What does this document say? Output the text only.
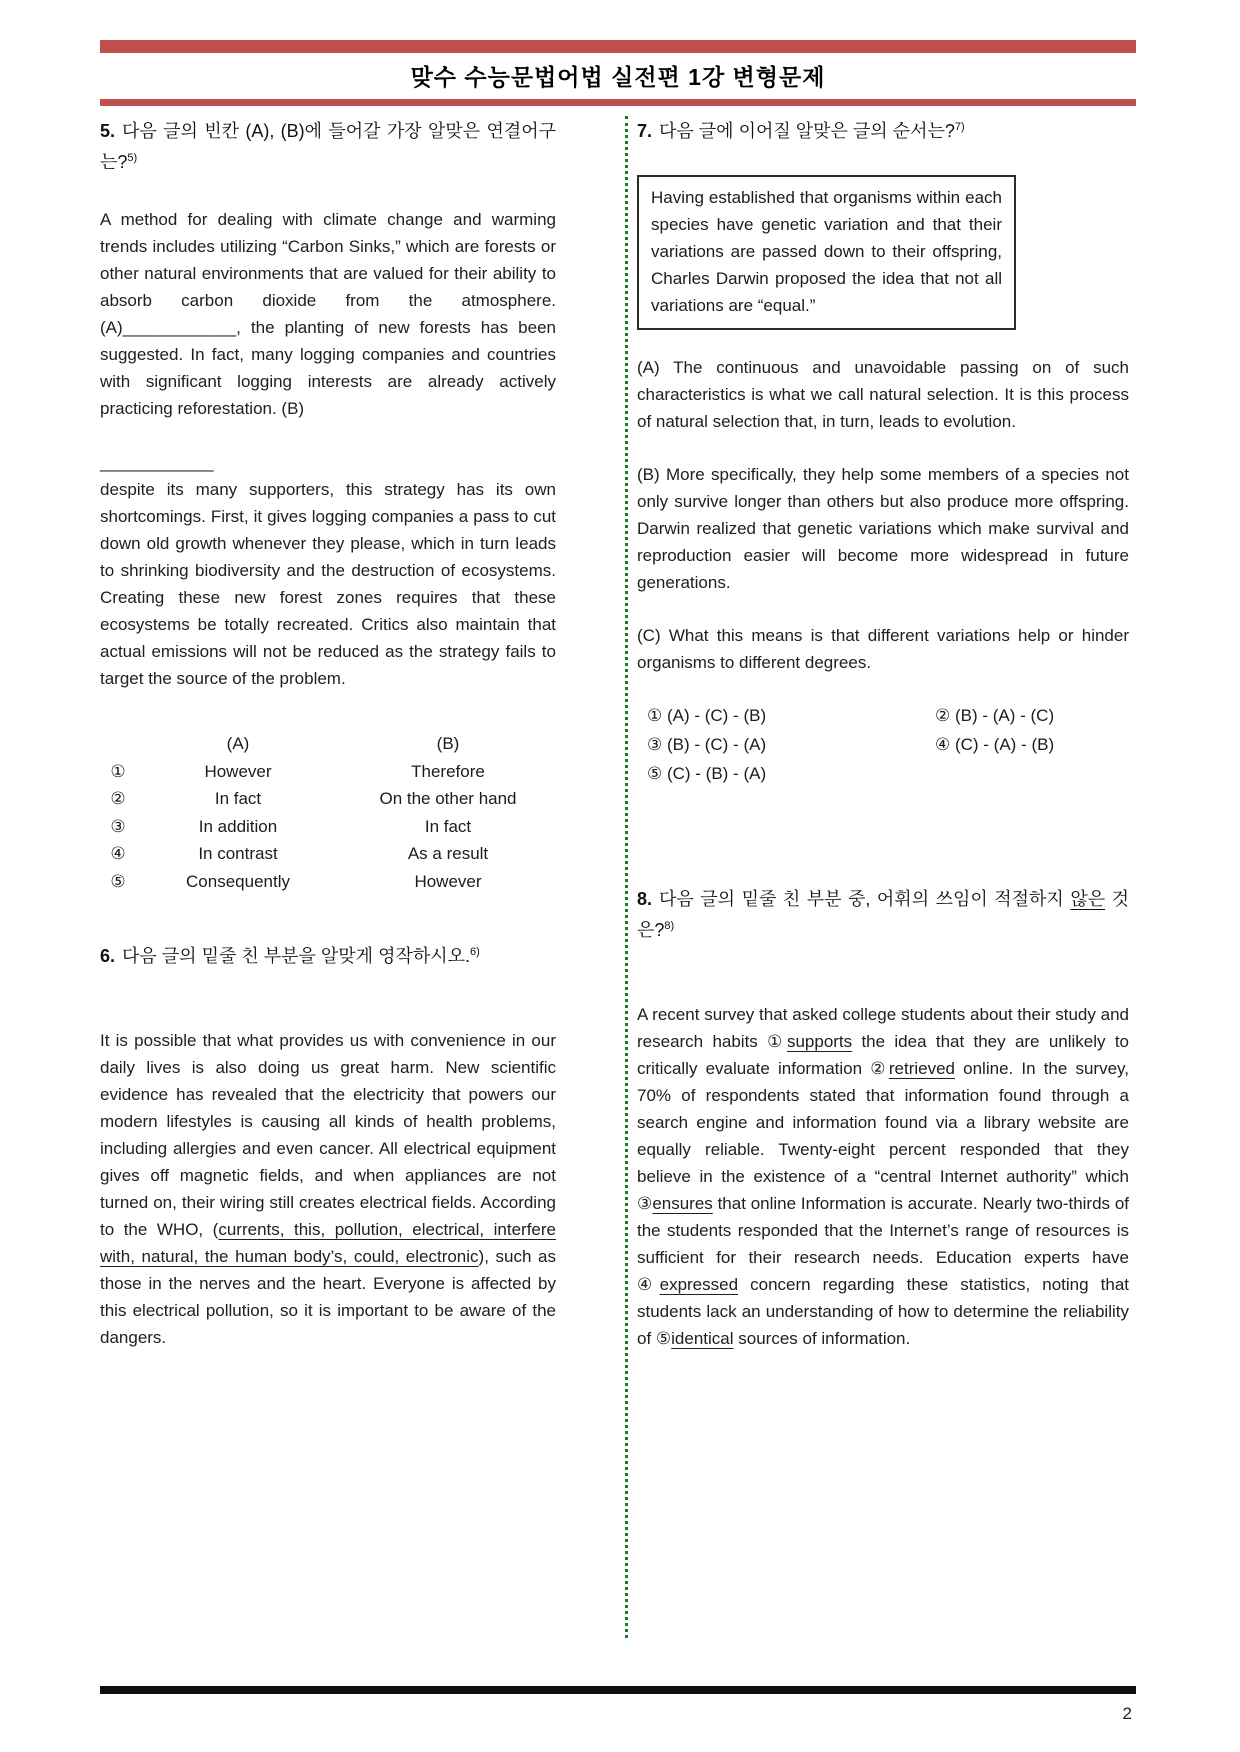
맞수 수능문법어법 실전편 1강 변형문제
5. 다음 글의 빈칸 (A), (B)에 들어갈 가장 알맞은 연결어구는?$^{5)}$

A method for dealing with climate change and warming trends includes utilizing “Carbon Sinks,” which are forests or other natural environments that are valued for their ability to absorb carbon dioxide from the atmosphere. (A)____________, the planting of new forests has been suggested. In fact, many logging companies and countries with significant logging interests are already actively practicing reforestation. (B)

____________

despite its many supporters, this strategy has its own shortcomings. First, it gives logging companies a pass to cut down old growth whenever they please, which in turn leads to shrinking biodiversity and the destruction of ecosystems. Creating these new forest zones requires that these ecosystems be totally recreated. Critics also maintain that actual emissions will not be reduced as the strategy fails to target the source of the problem.

(A)	(B)
①	However	Therefore
②	In fact	On the other hand
③	In addition	In fact
④	In contrast	As a result
⑤	Consequently	However
6. 다음 글의 밑줄 친 부분을 알맞게 영작하시오.$^{6)}$

It is possible that what provides us with convenience in our daily lives is also doing us great harm. New scientific evidence has revealed that the electricity that powers our modern lifestyles is causing all kinds of health problems, including allergies and even cancer. All electrical equipment gives off magnetic fields, and when appliances are not turned on, their wiring still creates electrical fields. According to the WHO, (currents, this, pollution, electrical, interfere with, natural, the human body’s, could, electronic), such as those in the nerves and the heart. Everyone is affected by this electrical pollution, so it is important to be aware of the dangers.

7. 다음 글에 이어질 알맞은 글의 순서는?$^{7)}$
Having established that organisms within each species have genetic variation and that their variations are passed down to their offspring, Charles Darwin proposed the idea that not all variations are “equal.”

(A) The continuous and unavoidable passing on of such characteristics is what we call natural selection. It is this process of natural selection that, in turn, leads to evolution.

(B) More specifically, they help some members of a species not only survive longer than others but also produce more offspring. Darwin realized that genetic variations which make survival and reproduction easier will become more widespread in future generations.

(C) What this means is that different variations help or hinder organisms to different degrees.

① (A) - (C) - (B)	② (B) - (A) - (C)
③ (B) - (C) - (A)	④ (C) - (A) - (B)
⑤ (C) - (B) - (A)
8. 다음 글의 밑줄 친 부분 중, 어휘의 쓰임이 적절하지 않은 것은?$^{8)}$

A recent survey that asked college students about their study and research habits ①supports the idea that they are unlikely to critically evaluate information ②retrieved online. In the survey, 70% of respondents stated that information found through a search engine and information found via a library website are equally reliable. Twenty-eight percent responded that they believe in the existence of a “central Internet authority” which ③ensures that online Information is accurate. Nearly two-thirds of the students responded that the Internet’s range of resources is sufficient for their research needs. Education experts have ④expressed concern regarding these statistics, noting that students lack an understanding of how to determine the reliability of ⑤identical sources of information.

2
